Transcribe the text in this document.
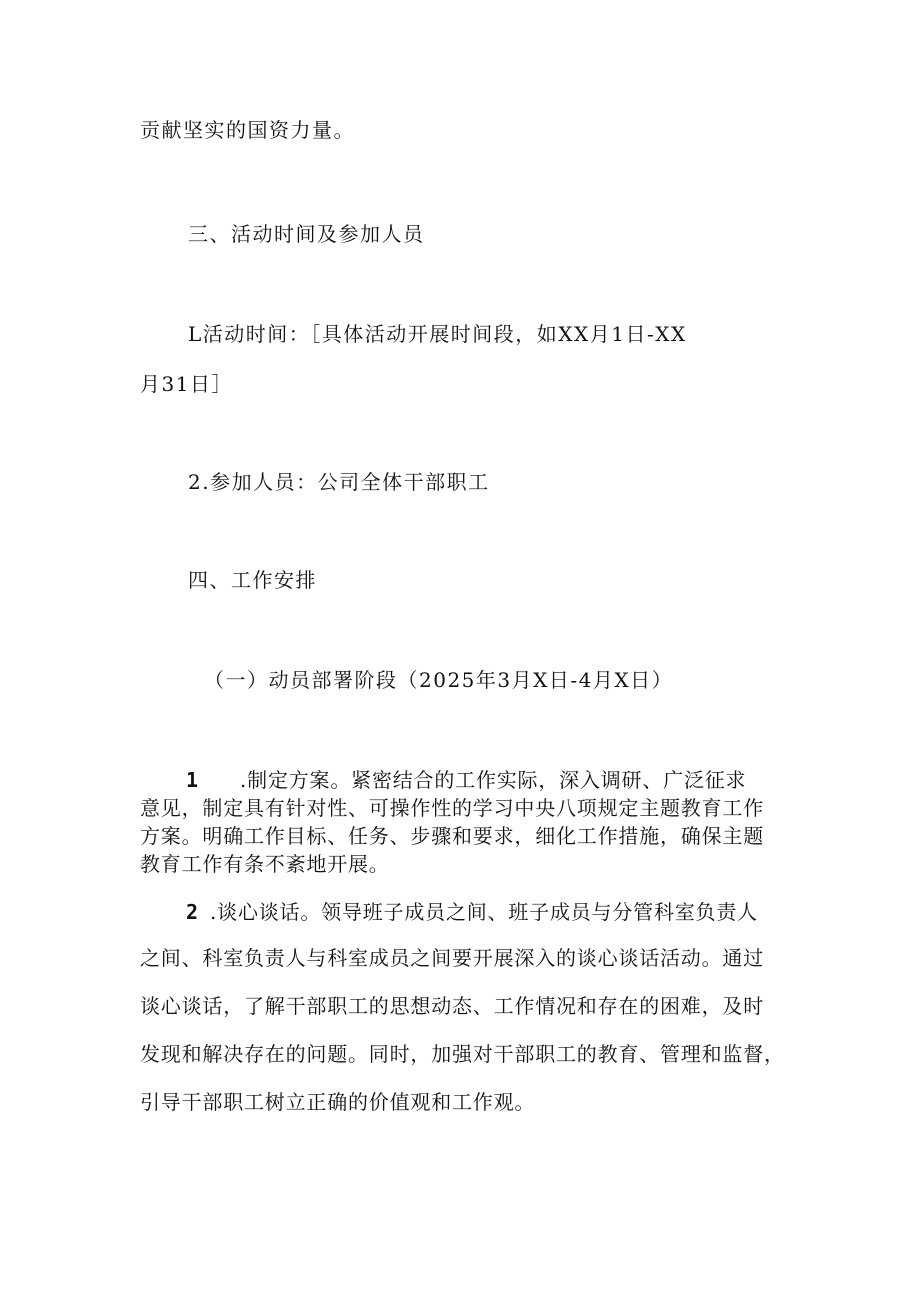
贡献坚实的国资力量。
三、活动时间及参加人员
L活动时间：［具体活动开展时间段，如XX月1日-XX
月31日］
2.参加人员：公司全体干部职工
四、工作安排
（一）动员部署阶段（2025年3月X日-4月X日）
1 .制定方案。紧密结合的工作实际，深入调研、广泛征求
意见，制定具有针对性、可操作性的学习中央八项规定主题教育工作
方案。明确工作目标、任务、步骤和要求，细化工作措施，确保主题
教育工作有条不紊地开展。
2 .谈心谈话。领导班子成员之间、班子成员与分管科室负责人
之间、科室负责人与科室成员之间要开展深入的谈心谈话活动。通过
谈心谈话，了解干部职工的思想动态、工作情况和存在的困难，及时
发现和解决存在的问题。同时，加强对干部职工的教育、管理和监督，
引导干部职工树立正确的价值观和工作观。
